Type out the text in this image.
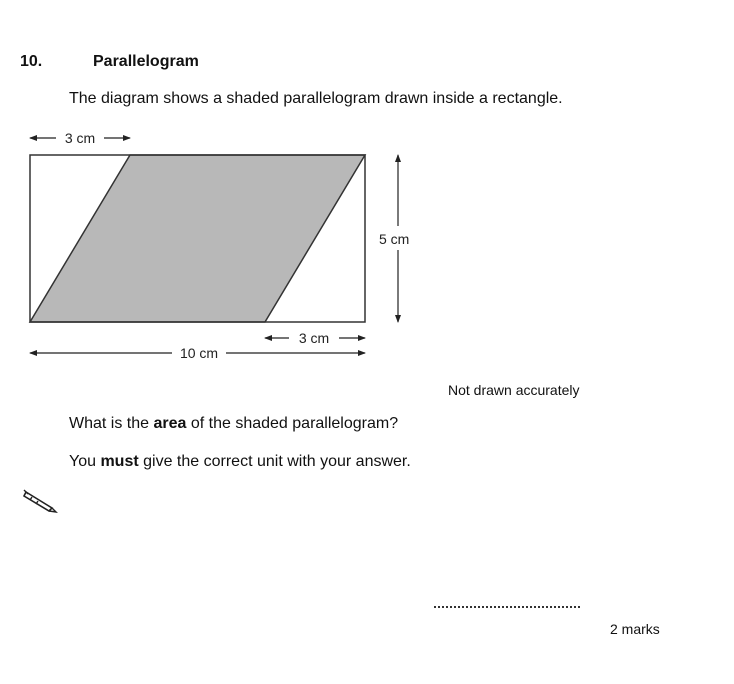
10.	Parallelogram
The diagram shows a shaded parallelogram drawn inside a rectangle.
3 cm
3 cm
10 cm
5 cm
Not drawn accurately
What is the area of the shaded parallelogram?
You must give the correct unit with your answer.
2 marks
